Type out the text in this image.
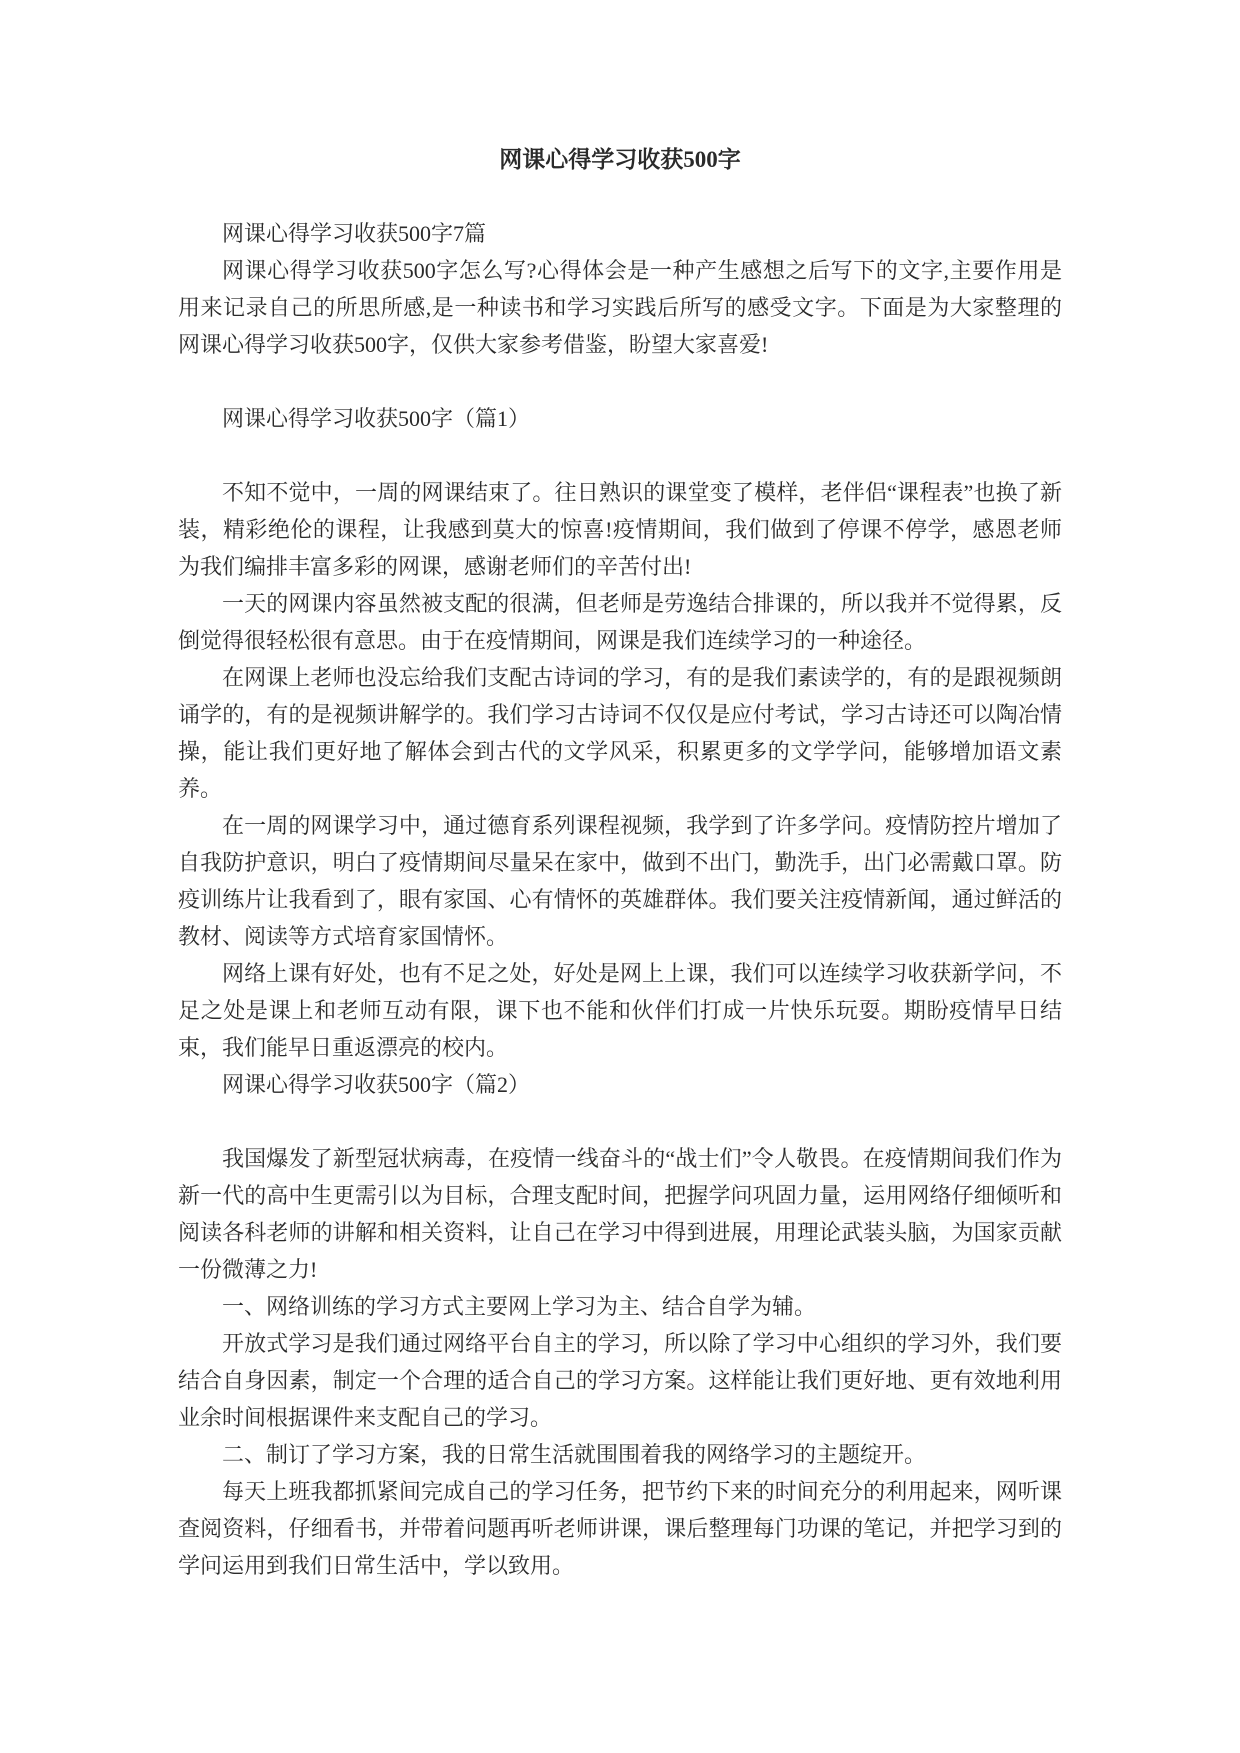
网课心得学习收获500字

网课心得学习收获500字7篇

网课心得学习收获500字怎么写?心得体会是一种产生感想之后写下的文字,主要作用是用来记录自己的所思所感,是一种读书和学习实践后所写的感受文字。下面是为大家整理的网课心得学习收获500字，仅供大家参考借鉴，盼望大家喜爱!

网课心得学习收获500字（篇1）

不知不觉中，一周的网课结束了。往日熟识的课堂变了模样，老伴侣“课程表”也换了新装，精彩绝伦的课程，让我感到莫大的惊喜!疫情期间，我们做到了停课不停学，感恩老师为我们编排丰富多彩的网课，感谢老师们的辛苦付出!

一天的网课内容虽然被支配的很满，但老师是劳逸结合排课的，所以我并不觉得累，反倒觉得很轻松很有意思。由于在疫情期间，网课是我们连续学习的一种途径。

在网课上老师也没忘给我们支配古诗词的学习，有的是我们素读学的，有的是跟视频朗诵学的，有的是视频讲解学的。我们学习古诗词不仅仅是应付考试，学习古诗还可以陶冶情操，能让我们更好地了解体会到古代的文学风采，积累更多的文学学问，能够增加语文素养。

在一周的网课学习中，通过德育系列课程视频，我学到了许多学问。疫情防控片增加了自我防护意识，明白了疫情期间尽量呆在家中，做到不出门，勤洗手，出门必需戴口罩。防疫训练片让我看到了，眼有家国、心有情怀的英雄群体。我们要关注疫情新闻，通过鲜活的教材、阅读等方式培育家国情怀。

网络上课有好处，也有不足之处，好处是网上上课，我们可以连续学习收获新学问，不足之处是课上和老师互动有限，课下也不能和伙伴们打成一片快乐玩耍。期盼疫情早日结束，我们能早日重返漂亮的校内。

网课心得学习收获500字（篇2）

我国爆发了新型冠状病毒，在疫情一线奋斗的“战士们”令人敬畏。在疫情期间我们作为新一代的高中生更需引以为目标，合理支配时间，把握学问巩固力量，运用网络仔细倾听和阅读各科老师的讲解和相关资料，让自己在学习中得到进展，用理论武装头脑，为国家贡献一份微薄之力!

一、网络训练的学习方式主要网上学习为主、结合自学为辅。

开放式学习是我们通过网络平台自主的学习，所以除了学习中心组织的学习外，我们要结合自身因素，制定一个合理的适合自己的学习方案。这样能让我们更好地、更有效地利用业余时间根据课件来支配自己的学习。

二、制订了学习方案，我的日常生活就围围着我的网络学习的主题绽开。

每天上班我都抓紧间完成自己的学习任务，把节约下来的时间充分的利用起来，网听课查阅资料，仔细看书，并带着问题再听老师讲课，课后整理每门功课的笔记，并把学习到的学问运用到我们日常生活中，学以致用。
